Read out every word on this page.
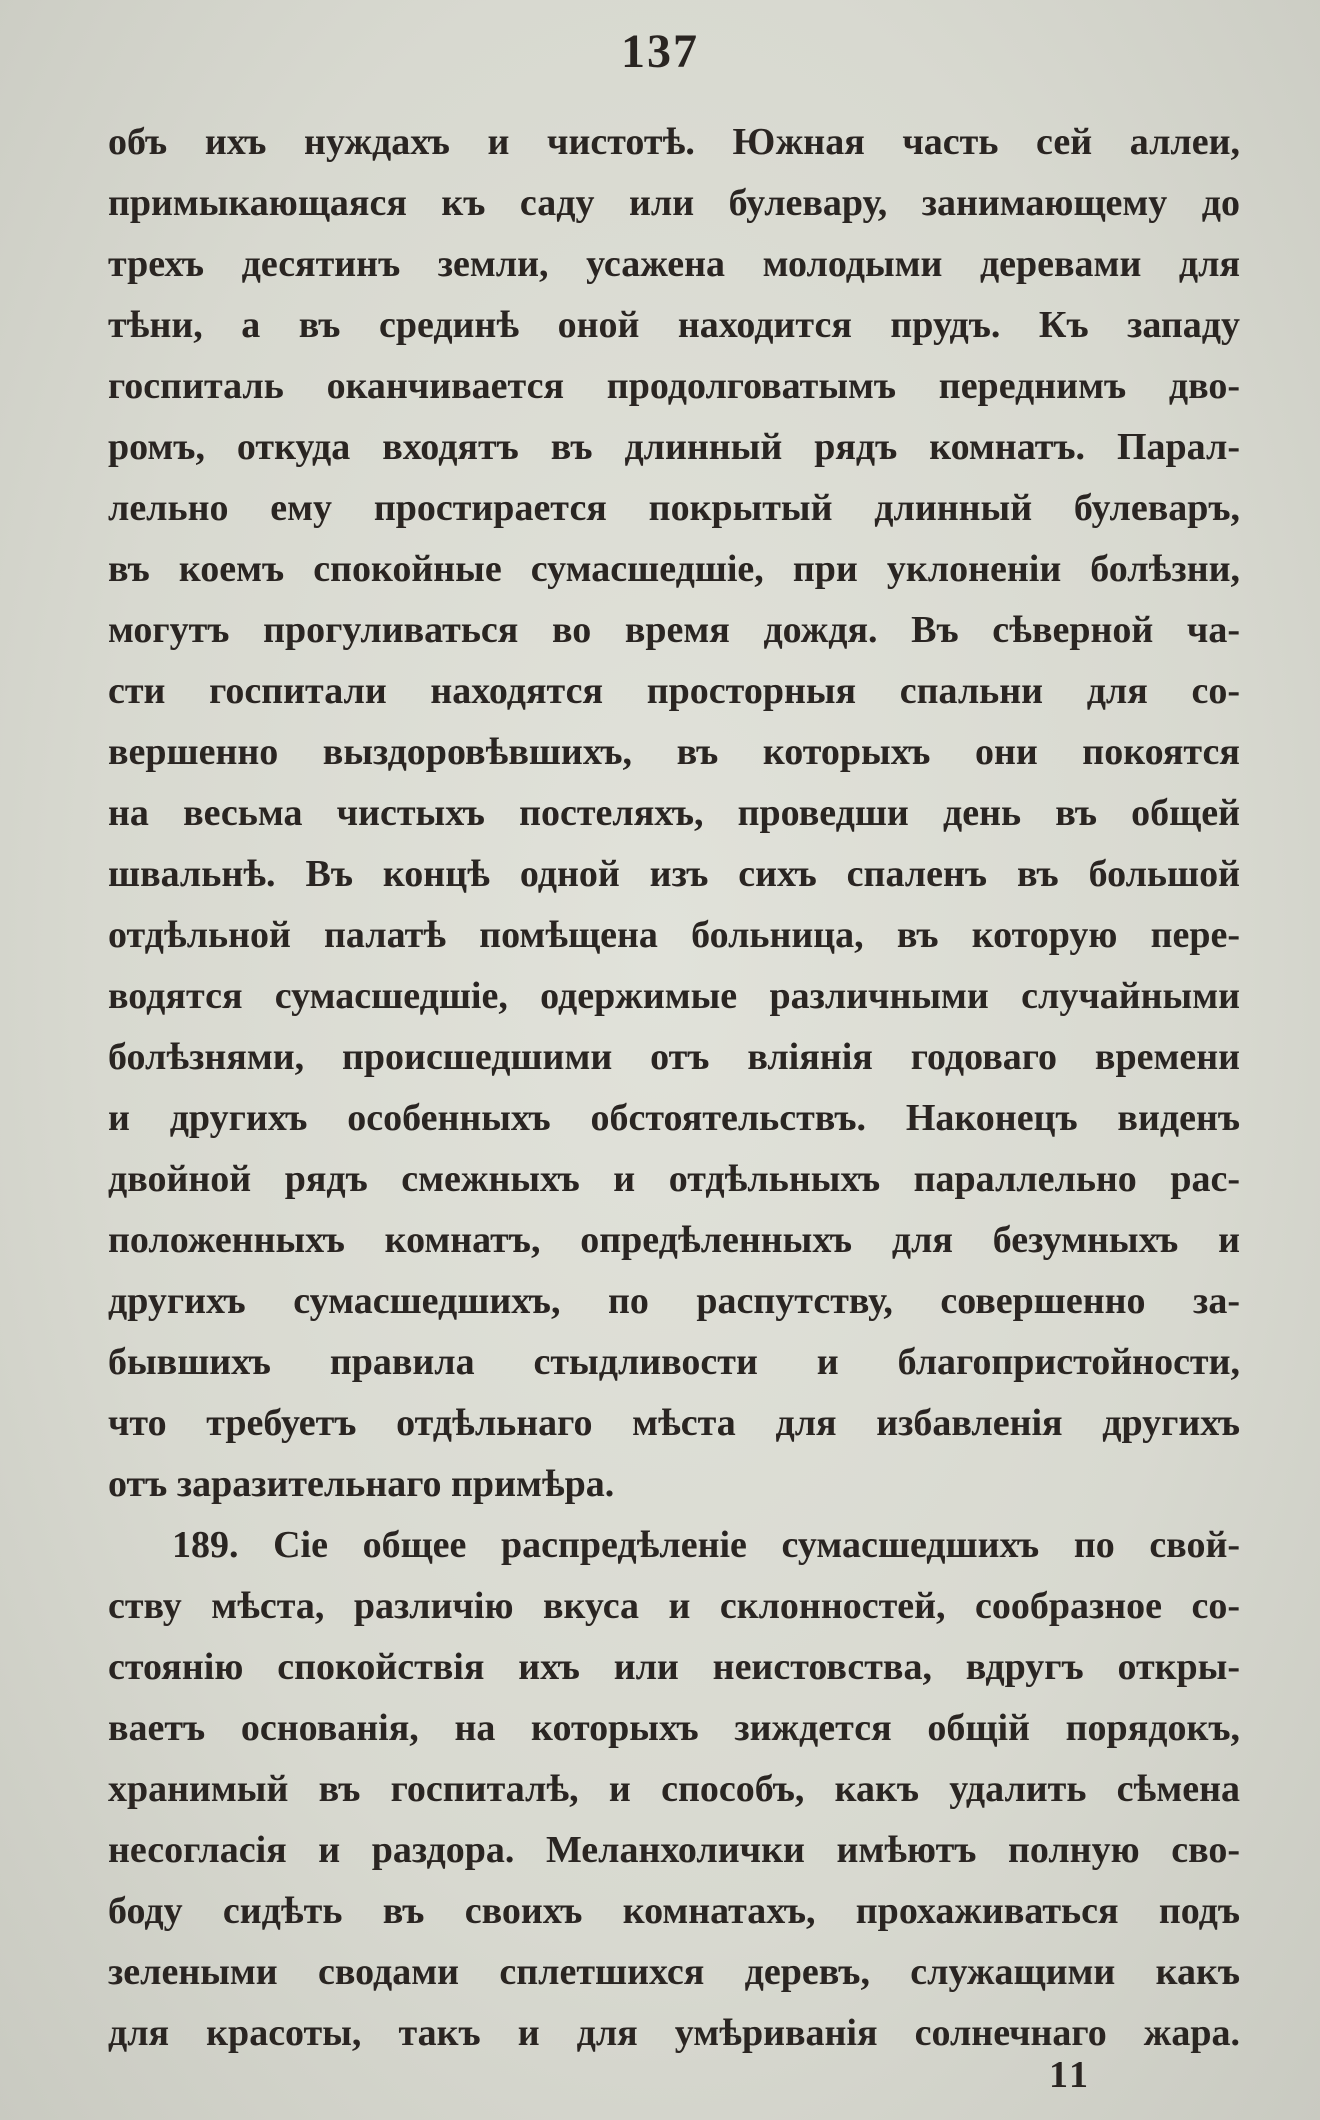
137
объ ихъ нуждахъ и чистотѣ. Южная часть сей аллеи,
примыкающаяся къ саду или булевару, занимающему до
трехъ десятинъ земли, усажена молодыми деревами для
тѣни, а въ срединѣ оной находится прудъ. Къ западу
госпиталь оканчивается продолговатымъ переднимъ дво-
ромъ, откуда входятъ въ длинный рядъ комнатъ. Парал-
лельно ему простирается покрытый длинный булеваръ,
въ коемъ спокойные сумасшедшіе, при уклоненіи болѣзни,
могутъ прогуливаться во время дождя. Въ сѣверной ча-
сти госпитали находятся просторныя спальни для со-
вершенно выздоровѣвшихъ, въ которыхъ они покоятся
на весьма чистыхъ постеляхъ, проведши день въ общей
швальнѣ. Въ концѣ одной изъ сихъ спаленъ въ большой
отдѣльной палатѣ помѣщена больница, въ которую пере-
водятся сумасшедшіе, одержимые различными случайными
болѣзнями, происшедшими отъ вліянія годоваго времени
и другихъ особенныхъ обстоятельствъ. Наконецъ виденъ
двойной рядъ смежныхъ и отдѣльныхъ параллельно рас-
положенныхъ комнатъ, опредѣленныхъ для безумныхъ и
другихъ сумасшедшихъ, по распутству, совершенно за-
бывшихъ правила стыдливости и благопристойности,
что требуетъ отдѣльнаго мѣста для избавленія другихъ
отъ заразительнаго примѣра.
189. Сіе общее распредѣленіе сумасшедшихъ по свой-
ству мѣста, различію вкуса и склонностей, сообразное со-
стоянію спокойствія ихъ или неистовства, вдругъ откры-
ваетъ основанія, на которыхъ зиждется общій порядокъ,
хранимый въ госпиталѣ, и способъ, какъ удалить сѣмена
несогласія и раздора. Меланхолички имѣютъ полную сво-
боду сидѣть въ своихъ комнатахъ, прохаживаться подъ
зелеными сводами сплетшихся деревъ, служащими какъ
для красоты, такъ и для умѣриванія солнечнаго жара.
11
